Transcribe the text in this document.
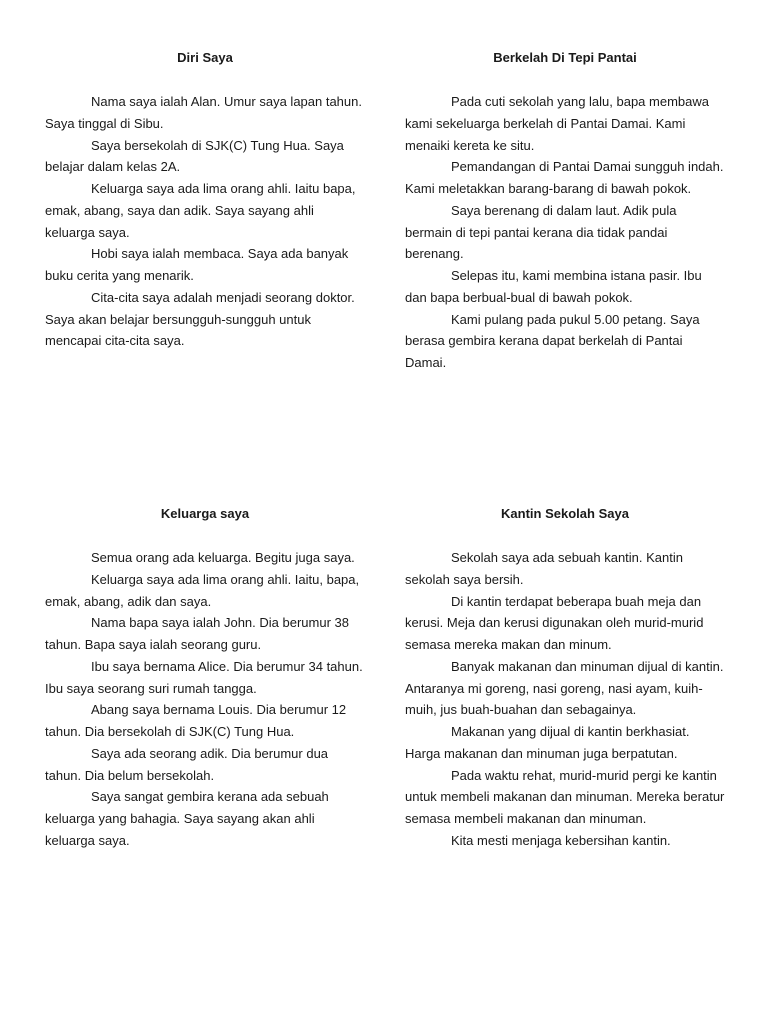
Diri Saya

Nama saya ialah Alan. Umur saya lapan tahun. Saya tinggal di Sibu.

Saya bersekolah di SJK(C) Tung Hua. Saya belajar dalam kelas 2A.

Keluarga saya ada lima orang ahli. Iaitu bapa, emak, abang, saya dan adik. Saya sayang ahli keluarga saya.

Hobi saya ialah membaca. Saya ada banyak buku cerita yang menarik.

Cita-cita saya adalah menjadi seorang doktor. Saya akan belajar bersungguh-sungguh untuk mencapai cita-cita saya.

Berkelah Di Tepi Pantai

Pada cuti sekolah yang lalu, bapa membawa kami sekeluarga berkelah di Pantai Damai. Kami menaiki kereta ke situ.

Pemandangan di Pantai Damai sungguh indah. Kami meletakkan barang-barang di bawah pokok.

Saya berenang di dalam laut. Adik pula bermain di tepi pantai kerana dia tidak pandai berenang.

Selepas itu, kami membina istana pasir. Ibu dan bapa berbual-bual di bawah pokok.

Kami pulang pada pukul 5.00 petang. Saya berasa gembira kerana dapat berkelah di Pantai Damai.

Keluarga saya

Semua orang ada keluarga. Begitu juga saya.

Keluarga saya ada lima orang ahli. Iaitu, bapa, emak, abang, adik dan saya.

Nama bapa saya ialah John. Dia berumur 38 tahun. Bapa saya ialah seorang guru.

Ibu saya bernama Alice. Dia berumur 34 tahun. Ibu saya seorang suri rumah tangga.

Abang saya bernama Louis. Dia berumur 12 tahun. Dia bersekolah di SJK(C) Tung Hua.

Saya ada seorang adik. Dia berumur dua tahun. Dia belum bersekolah.

Saya sangat gembira kerana ada sebuah keluarga yang bahagia. Saya sayang akan ahli keluarga saya.

Kantin Sekolah Saya

Sekolah saya ada sebuah kantin. Kantin sekolah saya bersih.

Di kantin terdapat beberapa buah meja dan kerusi. Meja dan kerusi digunakan oleh murid-murid semasa mereka makan dan minum.

Banyak makanan dan minuman dijual di kantin. Antaranya mi goreng, nasi goreng, nasi ayam, kuih-muih, jus buah-buahan dan sebagainya.

Makanan yang dijual di kantin berkhasiat. Harga makanan dan minuman juga berpatutan.

Pada waktu rehat, murid-murid pergi ke kantin untuk membeli makanan dan minuman. Mereka beratur semasa membeli makanan dan minuman.

Kita mesti menjaga kebersihan kantin.
